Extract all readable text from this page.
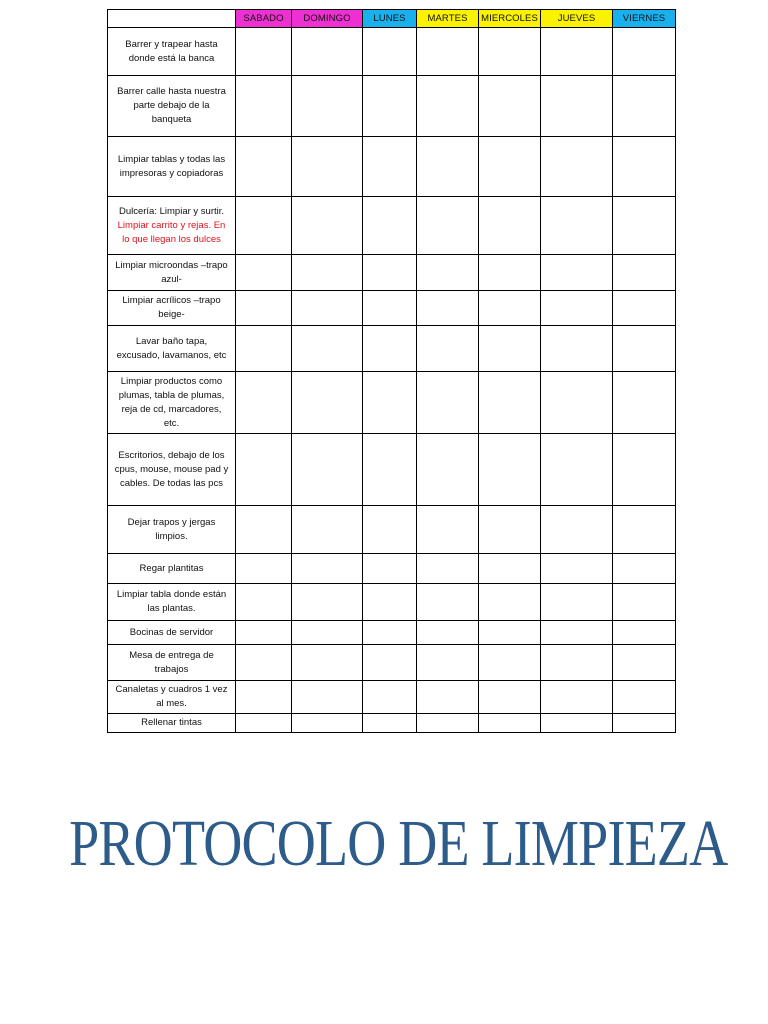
	SABADO	DOMINGO	LUNES	MARTES	MIERCOLES	JUEVES	VIERNES
Barrer y trapear hasta donde está la banca							
Barrer calle hasta nuestra parte debajo de la banqueta							
Limpiar tablas y todas las impresoras y copiadoras							
Dulcería: Limpiar y surtir. Limpiar carrito y rejas. En lo que llegan los dulces							
Limpiar microondas –trapo azul-							
Limpiar acrílicos –trapo beige-							
Lavar baño tapa, excusado, lavamanos, etc							
Limpiar productos como plumas, tabla de plumas, reja de cd, marcadores, etc.							
Escritorios, debajo de los cpus, mouse, mouse pad y cables. De todas las pcs							
Dejar trapos y jergas limpios.							
Regar plantitas							
Limpiar tabla donde están las plantas.							
Bocinas de servidor							
Mesa de entrega de trabajos							
Canaletas y cuadros 1 vez al mes.							
Rellenar tintas							
PROTOCOLO DE LIMPIEZA
